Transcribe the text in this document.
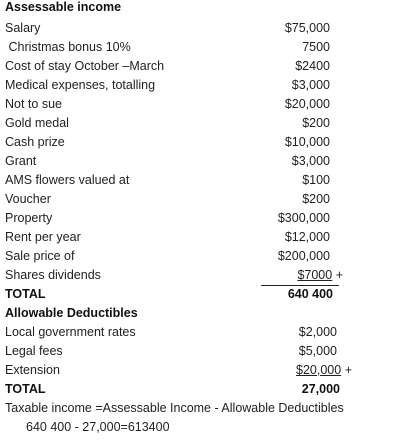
Assessable income
Salary	$75,000
Christmas bonus 10%	7500
Cost of stay October –March	$2400
Medical expenses, totalling	$3,000
Not to sue	$20,000
Gold medal	$200
Cash prize	$10,000
Grant	$3,000
AMS flowers valued at	$100
Voucher	$200
Property	$300,000
Rent per year	$12,000
Sale price of	$200,000
Shares dividends	$7000 +
TOTAL	640 400
Allowable Deductibles
Local government rates	$2,000
Legal fees	$5,000
Extension	$20,000 +
TOTAL	27,000
Taxable income =Assessable Income - Allowable Deductibles
640 400 - 27,000=613400
